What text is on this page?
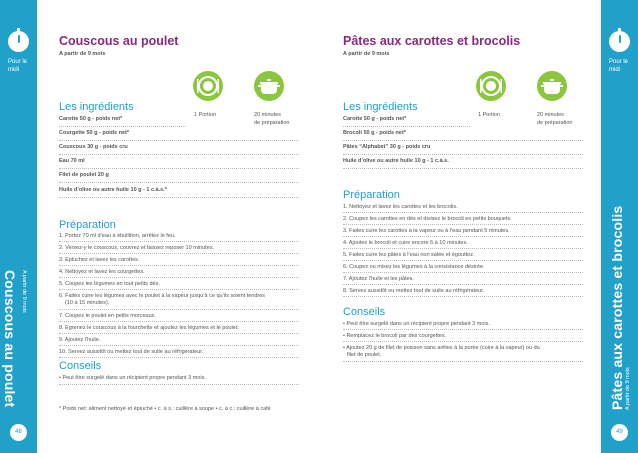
Pour le midi
Couscous au poulet A partir de 9 mois
48
Pour le midi
Pâtes aux carottes et brocolis A partir de 9 mois
49
Couscous au poulet
A partir de 9 mois
Les ingrédients
1 Portion	20 minutes
de préparation
Carotte 50 g - poids net*
Courgette 50 g - poids net*
Couscous 30 g - poids cru
Eau 70 ml
Filet de poulet 20 g
Huile d’olive ou autre huile 10 g - 1 c.à.s.*
Préparation
1. Portez 70 ml d’eau à ébullition, arrêtez le feu.
2. Versez-y le couscous, couvrez et laissez reposer 10 minutes.
3. Epluchez et lavez les carottes.
4. Nettoyez et lavez les courgettes.
5. Coupez les légumes en tout petits dés.
6. Faites cuire les légumes avec le poulet à la vapeur jusqu’à ce qu’ils soient tendres
(10 à 15 minutes).
7. Coupez le poulet en petits morceaux.
8. Egrenez le couscous à la fourchette et ajoutez les légumes et le poulet.
9. Ajoutez l’huile.
10. Servez aussitôt ou mettez tout de suite au réfrigérateur.
Conseils
• Peut être surgelé dans un récipient propre pendant 3 mois.
* Poids net: aliment nettoyé et épluché • c. à s.: cuillère à soupe • c. à c.: cuillère à café
Pâtes aux carottes et brocolis
A partir de 9 mois
Les ingrédients
1 Portion	20 minutes
de préparation
Carotte 50 g - poids net*
Brocoli 50 g - poids net*
Pâtes “Alphabet” 30 g - poids cru
Huile d’olive ou autre huile 10 g - 1 c.à.s.
Préparation
1. Nettoyez et lavez les carottes et les brocolis.
2. Coupez les carottes en dés et divisez le brocoli en petits bouquets.
3. Faites cuire les carottes à la vapeur ou à l’eau pendant 5 minutes.
4. Ajoutez le brocoli et cuire encore 5 à 10 minutes.
5. Faites cuire les pâtes à l’eau non salée et égouttez.
6. Coupez ou mixez les légumes à la consistance désirée.
7. Ajoutez l’huile et les pâtes.
8. Servez aussitôt ou mettez tout de suite au réfrigérateur.
Conseils
• Peut être surgelé dans un récipient propre pendant 3 mois.
• Remplacez le brocoli par des courgettes.
• Ajoutez 20 g de filet de poisson sans arêtes à la purée (cuire à la vapeur) ou du
filet de poulet.
